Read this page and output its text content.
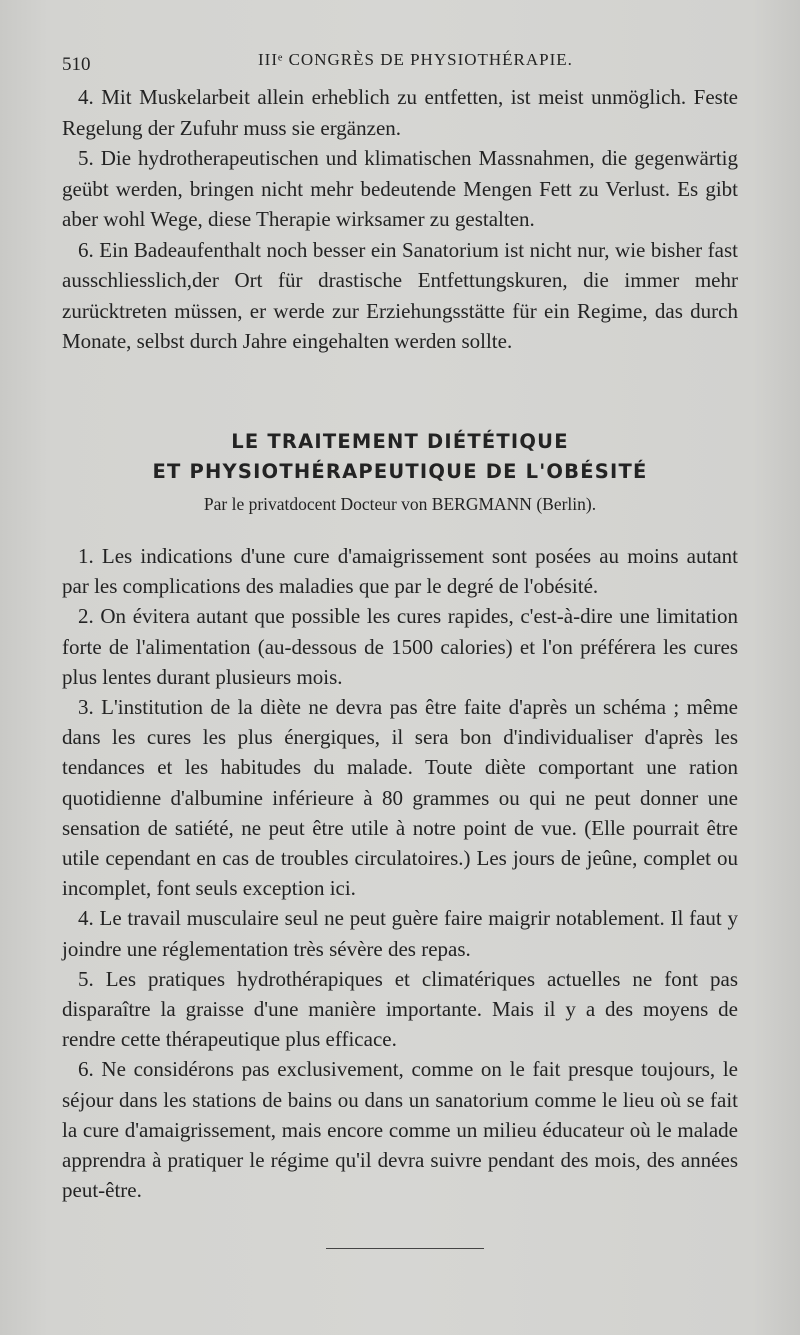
510	IIIᵉ CONGRÈS DE PHYSIOTHÉRAPIE.

4. Mit Muskelarbeit allein erheblich zu entfetten, ist meist unmöglich. Feste Regelung der Zufuhr muss sie ergänzen.

5. Die hydrotherapeutischen und klimatischen Massnahmen, die gegenwärtig geübt werden, bringen nicht mehr bedeutende Mengen Fett zu Verlust. Es gibt aber wohl Wege, diese Therapie wirksamer zu gestalten.

6. Ein Badeaufenthalt noch besser ein Sanatorium ist nicht nur, wie bisher fast ausschliesslich,der Ort für drastische Entfettungskuren, die immer mehr zurücktreten müssen, er werde zur Erziehungsstätte für ein Regime, das durch Monate, selbst durch Jahre eingehalten werden sollte.

LE TRAITEMENT DIÉTÉTIQUE
ET PHYSIOTHÉRAPEUTIQUE DE L'OBÉSITÉ
Par le privatdocent Docteur von BERGMANN (Berlin).

1. Les indications d'une cure d'amaigrissement sont posées au moins autant par les complications des maladies que par le degré de l'obésité.

2. On évitera autant que possible les cures rapides, c'est-à-dire une limitation forte de l'alimentation (au-dessous de 1500 calories) et l'on préférera les cures plus lentes durant plusieurs mois.

3. L'institution de la diète ne devra pas être faite d'après un schéma ; même dans les cures les plus énergiques, il sera bon d'individualiser d'après les tendances et les habitudes du malade. Toute diète comportant une ration quotidienne d'albumine inférieure à 80 grammes ou qui ne peut donner une sensation de satiété, ne peut être utile à notre point de vue. (Elle pourrait être utile cependant en cas de troubles circulatoires.) Les jours de jeûne, complet ou incomplet, font seuls exception ici.

4. Le travail musculaire seul ne peut guère faire maigrir notablement. Il faut y joindre une réglementation très sévère des repas.

5. Les pratiques hydrothérapiques et climatériques actuelles ne font pas disparaître la graisse d'une manière importante. Mais il y a des moyens de rendre cette thérapeutique plus efficace.

6. Ne considérons pas exclusivement, comme on le fait presque toujours, le séjour dans les stations de bains ou dans un sanatorium comme le lieu où se fait la cure d'amaigrissement, mais encore comme un milieu éducateur où le malade apprendra à pratiquer le régime qu'il devra suivre pendant des mois, des années peut-être.
